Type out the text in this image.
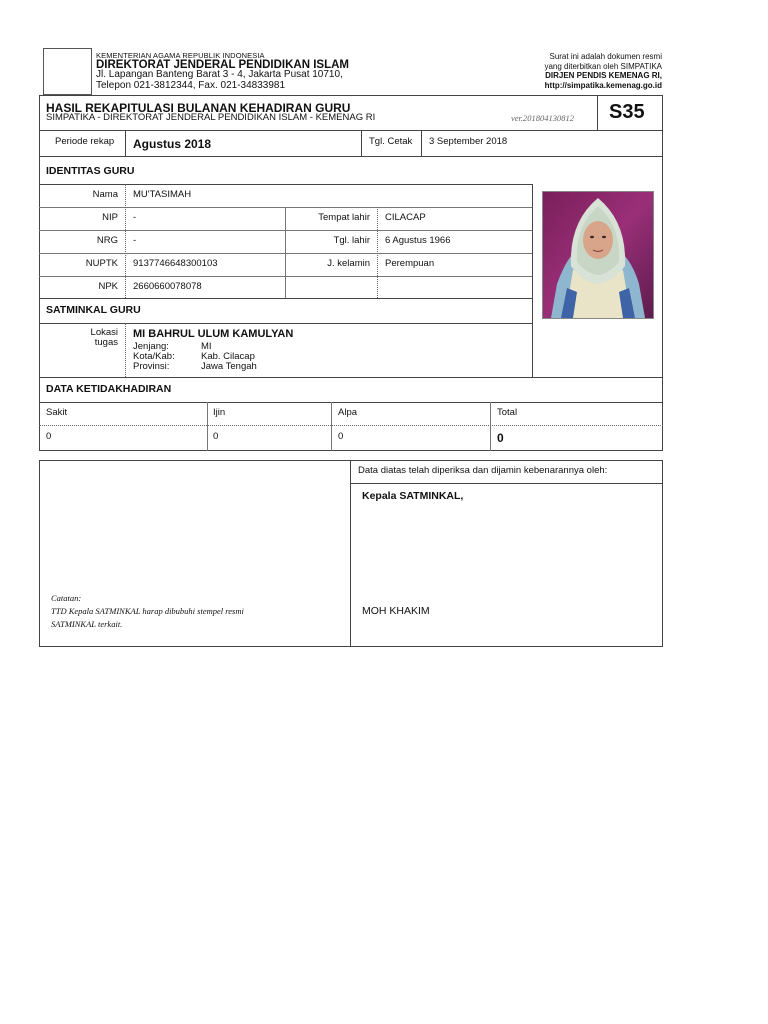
KEMENTERIAN AGAMA REPUBLIK INDONESIA
DIREKTORAT JENDERAL PENDIDIKAN ISLAM
Jl. Lapangan Banteng Barat 3 - 4, Jakarta Pusat 10710,
Telepon 021-3812344, Fax. 021-34833981
Surat ini adalah dokumen resmi
yang diterbitkan oleh SIMPATIKA
DIRJEN PENDIS KEMENAG RI,
http://simpatika.kemenag.go.id
HASIL REKAPITULASI BULANAN KEHADIRAN GURU
SIMPATIKA - DIREKTORAT JENDERAL PENDIDIKAN ISLAM - KEMENAG RI	ver.201804130812 S35
Periode rekap Agustus 2018	Tgl. Cetak 3 September 2018
IDENTITAS GURU
Nama MU'TASIMAH
NIP -	Tempat lahir CILACAP
NRG -	Tgl. lahir 6 Agustus 1966
NUPTK 9137746648300103	J. kelamin Perempuan
NPK 2660660078078
SATMINKAL GURU
Lokasi
tugas
MI BAHRUL ULUM KAMULYAN
Jenjang:	MI
Kota/Kab:	Kab. Cilacap
Provinsi:	Jawa Tengah
DATA KETIDAKHADIRAN
Sakit	Ijin	Alpa	Total
0	0	0	0
Data diatas telah diperiksa dan dijamin kebenarannya oleh:
Kepala SATMINKAL,
MOH KHAKIM
Catatan:
TTD Kepala SATMINKAL harap dibubuhi stempel resmi
SATMINKAL terkait.
